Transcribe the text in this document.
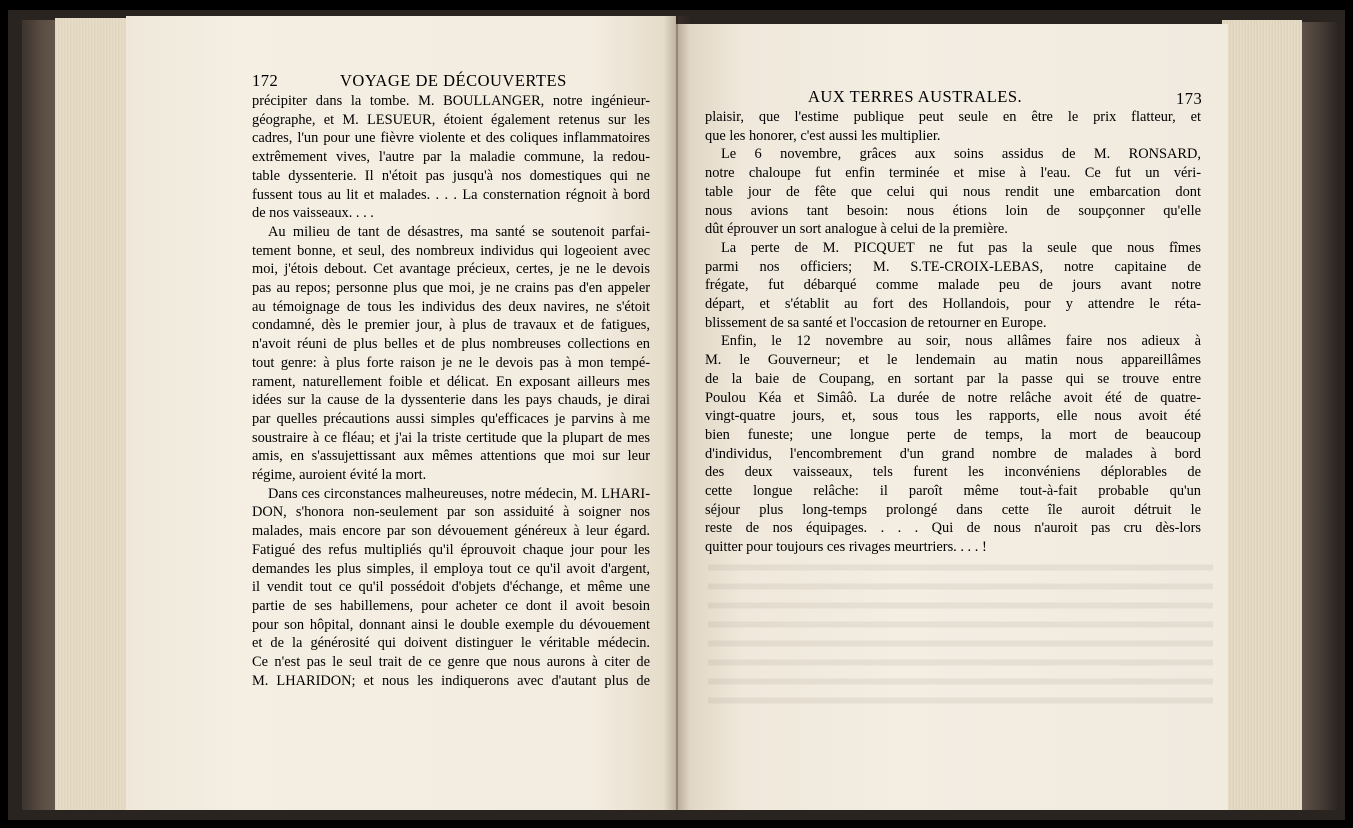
172	VOYAGE DE DÉCOUVERTES

précipiter dans la tombe. M. BOULLANGER, notre ingénieur-

géographe, et M. LESUEUR, étoient également retenus sur les

cadres, l'un pour une fièvre violente et des coliques inflammatoires

extrêmement vives, l'autre par la maladie commune, la redou-

table dyssenterie. Il n'étoit pas jusqu'à nos domestiques qui ne

fussent tous au lit et malades. . . . La consternation régnoit à bord

de nos vaisseaux. . . .

Au milieu de tant de désastres, ma santé se soutenoit parfai-

tement bonne, et seul, des nombreux individus qui logeoient avec

moi, j'étois debout. Cet avantage précieux, certes, je ne le devois

pas au repos; personne plus que moi, je ne crains pas d'en appeler

au témoignage de tous les individus des deux navires, ne s'étoit

condamné, dès le premier jour, à plus de travaux et de fatigues,

n'avoit réuni de plus belles et de plus nombreuses collections en

tout genre: à plus forte raison je ne le devois pas à mon tempé-

rament, naturellement foible et délicat. En exposant ailleurs mes

idées sur la cause de la dyssenterie dans les pays chauds, je dirai

par quelles précautions aussi simples qu'efficaces je parvins à me

soustraire à ce fléau; et j'ai la triste certitude que la plupart de mes

amis, en s'assujettissant aux mêmes attentions que moi sur leur

régime, auroient évité la mort.

Dans ces circonstances malheureuses, notre médecin, M. LHARI-

DON, s'honora non-seulement par son assiduité à soigner nos

malades, mais encore par son dévouement généreux à leur égard.

Fatigué des refus multipliés qu'il éprouvoit chaque jour pour les

demandes les plus simples, il employa tout ce qu'il avoit d'argent,

il vendit tout ce qu'il possédoit d'objets d'échange, et même une

partie de ses habillemens, pour acheter ce dont il avoit besoin

pour son hôpital, donnant ainsi le double exemple du dévouement

et de la générosité qui doivent distinguer le véritable médecin.

Ce n'est pas le seul trait de ce genre que nous aurons à citer de

M. LHARIDON; et nous les indiquerons avec d'autant plus de

AUX TERRES AUSTRALES.	173

plaisir, que l'estime publique peut seule en être le prix flatteur, et

que les honorer, c'est aussi les multiplier.

Le 6 novembre, grâces aux soins assidus de M. RONSARD,

notre chaloupe fut enfin terminée et mise à l'eau. Ce fut un véri-

table jour de fête que celui qui nous rendit une embarcation dont

nous avions tant besoin: nous étions loin de soupçonner qu'elle

dût éprouver un sort analogue à celui de la première.

La perte de M. PICQUET ne fut pas la seule que nous fîmes

parmi nos officiers; M. S.TE-CROIX-LEBAS, notre capitaine de

frégate, fut débarqué comme malade peu de jours avant notre

départ, et s'établit au fort des Hollandois, pour y attendre le réta-

blissement de sa santé et l'occasion de retourner en Europe.

Enfin, le 12 novembre au soir, nous allâmes faire nos adieux à

M. le Gouverneur; et le lendemain au matin nous appareillâmes

de la baie de Coupang, en sortant par la passe qui se trouve entre

Poulou Kéa et Simâô. La durée de notre relâche avoit été de quatre-

vingt-quatre jours, et, sous tous les rapports, elle nous avoit été

bien funeste; une longue perte de temps, la mort de beaucoup

d'individus, l'encombrement d'un grand nombre de malades à bord

des deux vaisseaux, tels furent les inconvéniens déplorables de

cette longue relâche: il paroît même tout-à-fait probable qu'un

séjour plus long-temps prolongé dans cette île auroit détruit le

reste de nos équipages. . . . Qui de nous n'auroit pas cru dès-lors

quitter pour toujours ces rivages meurtriers. . . . !
